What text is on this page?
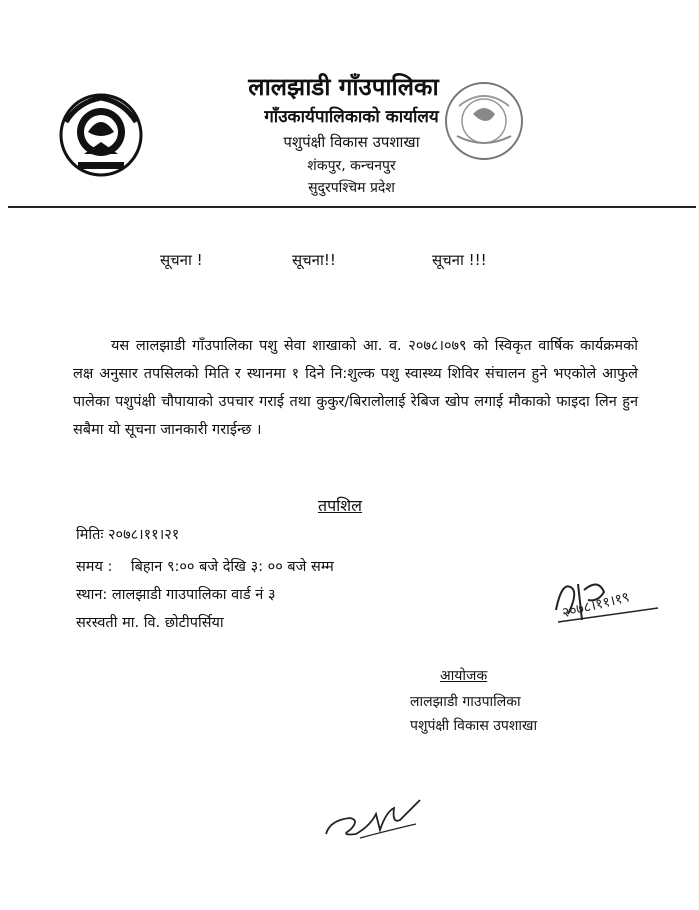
लालझाडी गाँउपालिका
गाँउकार्यपालिकाको कार्यालय
पशुपंक्षी विकास उपशाखा
शंकपुर, कन्चनपुर
सुदुरपश्चिम प्रदेश
सूचना !	सूचना!!	सूचना !!!
यस लालझाडी गाँउपालिका पशु सेवा शाखाको आ. व. २०७८।०७९ को स्विकृत वार्षिक कार्यक्रमको लक्ष अनुसार तपसिलको मिति र स्थानमा १ दिने नि:शुल्क पशु स्वास्थ्य शिविर संचालन हुने भएकोले आफुले पालेका पशुपंक्षी चौपायाको उपचार गराई तथा कुकुर/बिरालोलाई रेबिज खोप लगाई मौकाको फाइदा लिन हुन सबैमा यो सूचना जानकारी गराईन्छ ।
तपशिल
मितिः २०७८।११।२१
समय :    बिहान ९:०० बजे देखि ३: ०० बजे सम्म
स्थान: लालझाडी गाउपालिका वार्ड नं ३
सरस्वती मा. वि. छोटीपर्सिया
२०७८।११।१९
आयोजक
लालझाडी गाउपालिका
पशुपंक्षी विकास उपशाखा
